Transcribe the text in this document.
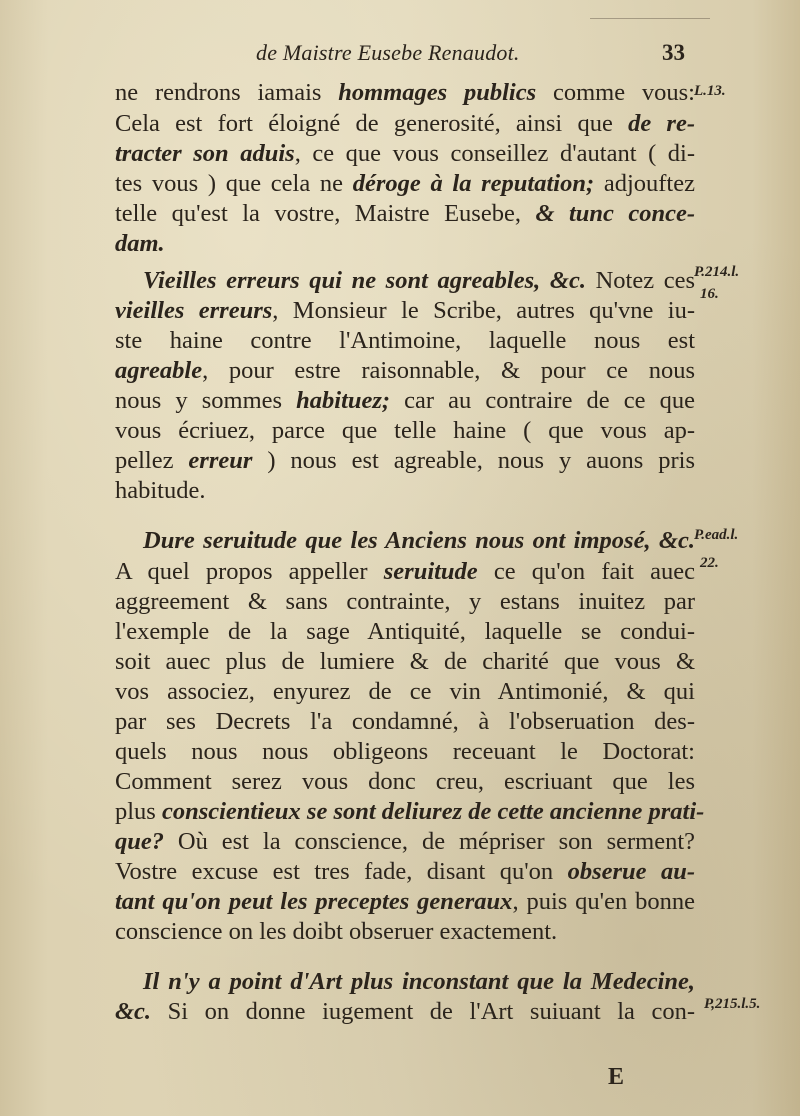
de Maistre Eusebe Renaudot.	33
ne rendrons iamais hommages publics comme vous:
Cela est fort éloigné de generosité, ainsi que de re-
tracter son aduis, ce que vous conseillez d'autant ( di-
tes vous ) que cela ne déroge à la reputation; adjouftez
telle qu'est la vostre, Maistre Eusebe, & tunc conce-
dam.
Vieilles erreurs qui ne sont agreables, &c. Notez ces
vieilles erreurs, Monsieur le Scribe, autres qu'vne iu-
ste haine contre l'Antimoine, laquelle nous est
agreable, pour estre raisonnable, & pour ce nous
nous y sommes habituez; car au contraire de ce que
vous écriuez, parce que telle haine ( que vous ap-
pellez erreur ) nous est agreable, nous y auons pris
habitude.
Dure seruitude que les Anciens nous ont imposé, &c.
A quel propos appeller seruitude ce qu'on fait auec
aggreement & sans contrainte, y estans inuitez par
l'exemple de la sage Antiquité, laquelle se condui-
soit auec plus de lumiere & de charité que vous &
vos associez, enyurez de ce vin Antimonié, & qui
par ses Decrets l'a condamné, à l'obseruation des-
quels nous nous obligeons receuant le Doctorat:
Comment serez vous donc creu, escriuant que les
plus conscientieux se sont deliurez de cette ancienne prati-
que? Où est la conscience, de mépriser son serment?
Vostre excuse est tres fade, disant qu'on obserue au-
tant qu'on peut les preceptes generaux, puis qu'en bonne
conscience on les doibt obseruer exactement.
Il n'y a point d'Art plus inconstant que la Medecine,
&c. Si on donne iugement de l'Art suiuant la con-
L.13.
P.214.l.
16.
P.ead.l.
22.
P,215.l.5.
E
